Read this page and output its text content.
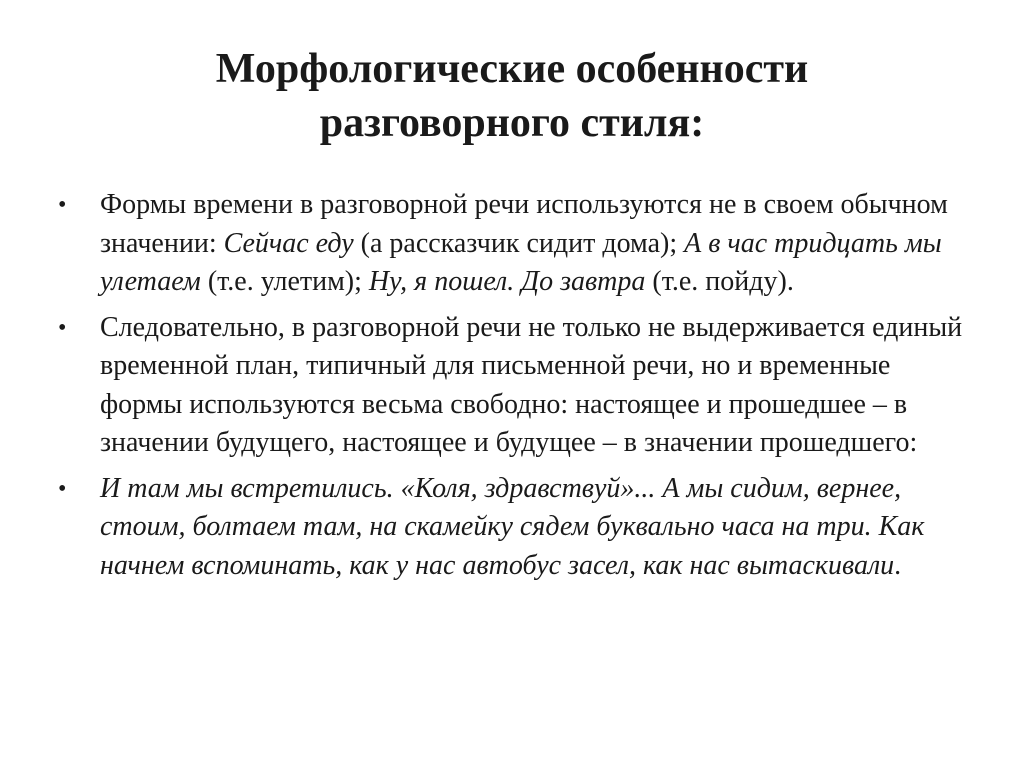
Морфологические особенности
разговорного стиля:
•	Формы времени в разговорной речи используются не в своем обычном значении: Сейчас еду (а рассказчик сидит дома); А в час тридцать мы улетаем (т.е. улетим); Ну, я пошел. До завтра (т.е. пойду).
•	Следовательно, в разговорной речи не только не выдерживается единый временной план, типичный для письменной речи, но и временные формы используются весьма свободно: настоящее и прошедшее – в значении будущего, настоящее и будущее – в значении прошедшего:
•	И там мы встретились. «Коля, здравствуй»... А мы сидим, вернее, стоим, болтаем там, на скамейку сядем буквально часа на три. Как начнем вспоминать, как у нас автобус засел, как нас вытаскивали.
